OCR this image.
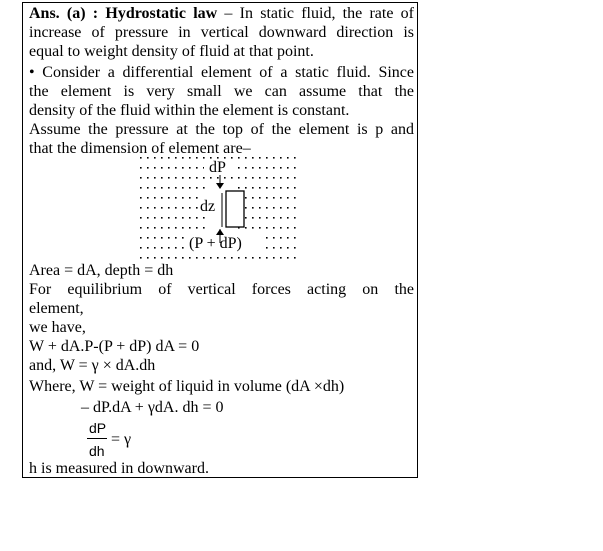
Ans. (a) : Hydrostatic law – In static fluid, the rate of
increase of pressure in vertical downward direction is
equal to weight density of fluid at that point.
• Consider a differential element of a static fluid. Since
the element is very small we can assume that the
density of the fluid within the element is constant.
Assume the pressure at the top of the element is p and
that the dimension of element are–
dP
dz
(P + dP)
Area = dA, depth = dh
For equilibrium of vertical forces acting on the
element,
we have,
W + dA.P-(P + dP) dA = 0
and, W = γ × dA.dh
Where, W = weight of liquid in volume (dA ×dh)
– dP.dA + γdA. dh = 0
dP
dh
= γ
h is measured in downward.
